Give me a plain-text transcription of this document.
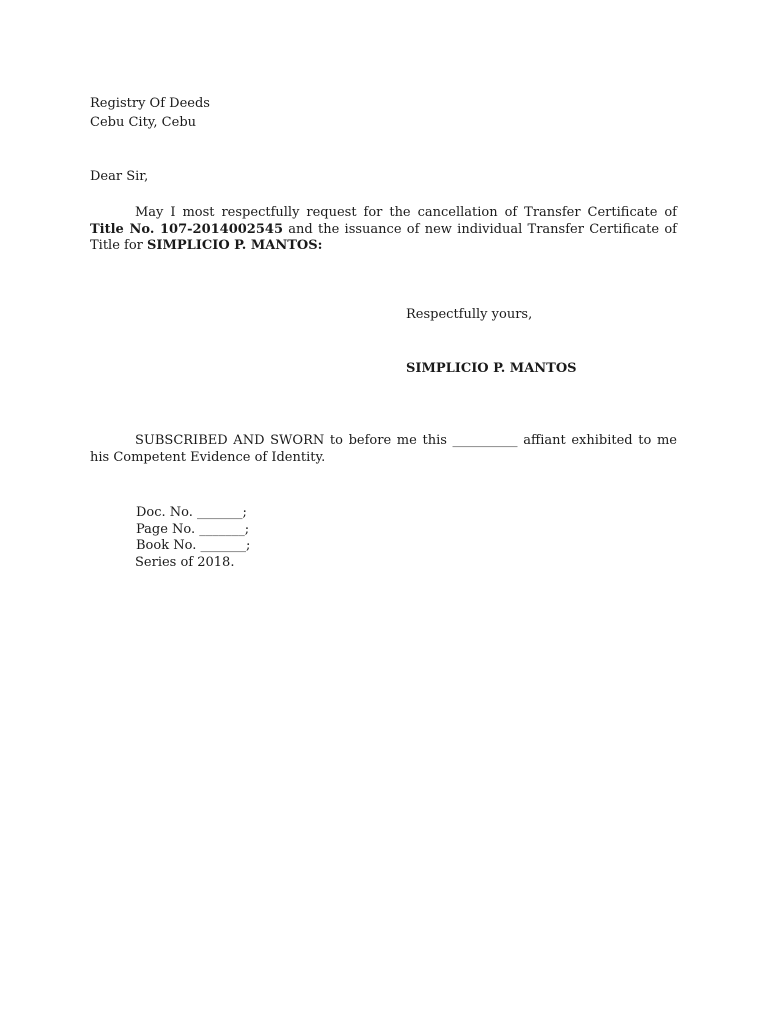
Registry Of Deeds
Cebu City, Cebu
Dear Sir,
May I most respectfully request for the cancellation of Transfer Certificate of
Title No. 107-2014002545 and the issuance of new individual Transfer Certificate of
Title for SIMPLICIO P. MANTOS:
Respectfully yours,
SIMPLICIO P. MANTOS
SUBSCRIBED AND SWORN to before me this __________ affiant exhibited to me
his Competent Evidence of Identity.
Doc. No. _______;
Page No. _______;
Book No. _______;
Series of 2018.
